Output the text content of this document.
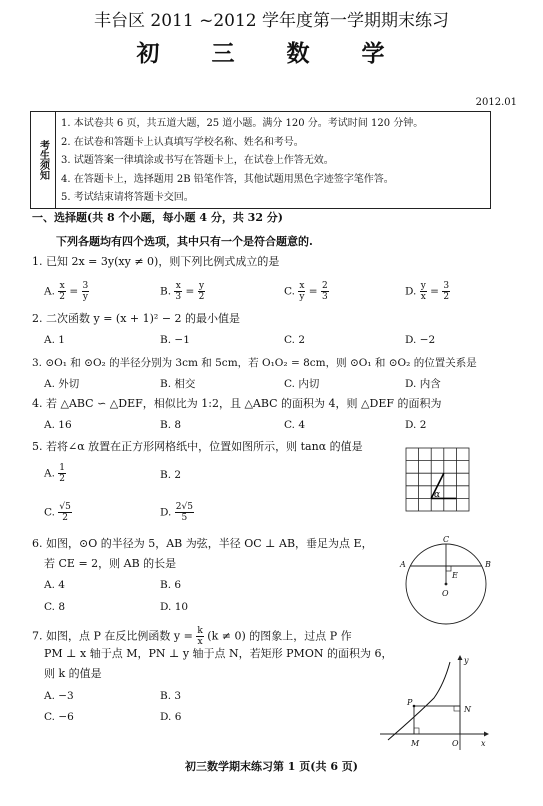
丰台区 2011 ~2012 学年度第一学期期末练习
初 三 数 学
2012.01
考生须知
1. 本试卷共 6 页，共五道大题，25 道小题。满分 120 分。考试时间 120 分钟。
2. 在试卷和答题卡上认真填写学校名称、姓名和考号。
3. 试题答案一律填涂或书写在答题卡上，在试卷上作答无效。
4. 在答题卡上，选择题用 2B 铅笔作答，其他试题用黑色字迹签字笔作答。
5. 考试结束请将答题卡交回。
一、选择题(共 8 个小题，每小题 4 分，共 32 分)
下列各题均有四个选项，其中只有一个是符合题意的.
1. 已知 2x = 3y(xy ≠ 0)，则下列比例式成立的是
A. $\frac{x}{2} = \frac{3}{y}$	B. $\frac{x}{3} = \frac{y}{2}$	C. $\frac{x}{y} = \frac{2}{3}$	D. $\frac{y}{x} = \frac{3}{2}$
2. 二次函数 y = (x + 1)² − 2 的最小值是
A. 1	B. −1	C. 2	D. −2
3. ⊙O₁ 和 ⊙O₂ 的半径分别为 3cm 和 5cm，若 O₁O₂ = 8cm，则 ⊙O₁ 和 ⊙O₂ 的位置关系是
A. 外切	B. 相交	C. 内切	D. 内含
4. 若 △ABC ∽ △DEF，相似比为 1:2，且 △ABC 的面积为 4，则 △DEF 的面积为
A. 16	B. 8	C. 4	D. 2
5. 若将∠α 放置在正方形网格纸中，位置如图所示，则 tanα 的值是
A. $\frac{1}{2}$	B. 2
C. $\frac{√5}{2}$	D. $\frac{2√5}{5}$
α
6. 如图，⊙O 的半径为 5，AB 为弦，半径 OC ⊥ AB，垂足为点 E，
若 CE = 2，则 AB 的长是
A. 4	B. 6
C. 8	D. 10
C
A	B
E
O
7. 如图，点 P 在反比例函数 $y = \frac{k}{x} (k \ne 0)$ 的图象上，过点 P 作
PM ⊥ x 轴于点 M，PN ⊥ y 轴于点 N，若矩形 PMON 的面积为 6，
则 k 的值是
A. −3	B. 3
C. −6	D. 6
y
x
P
N
M	O
初三数学期末练习第 1 页(共 6 页)
